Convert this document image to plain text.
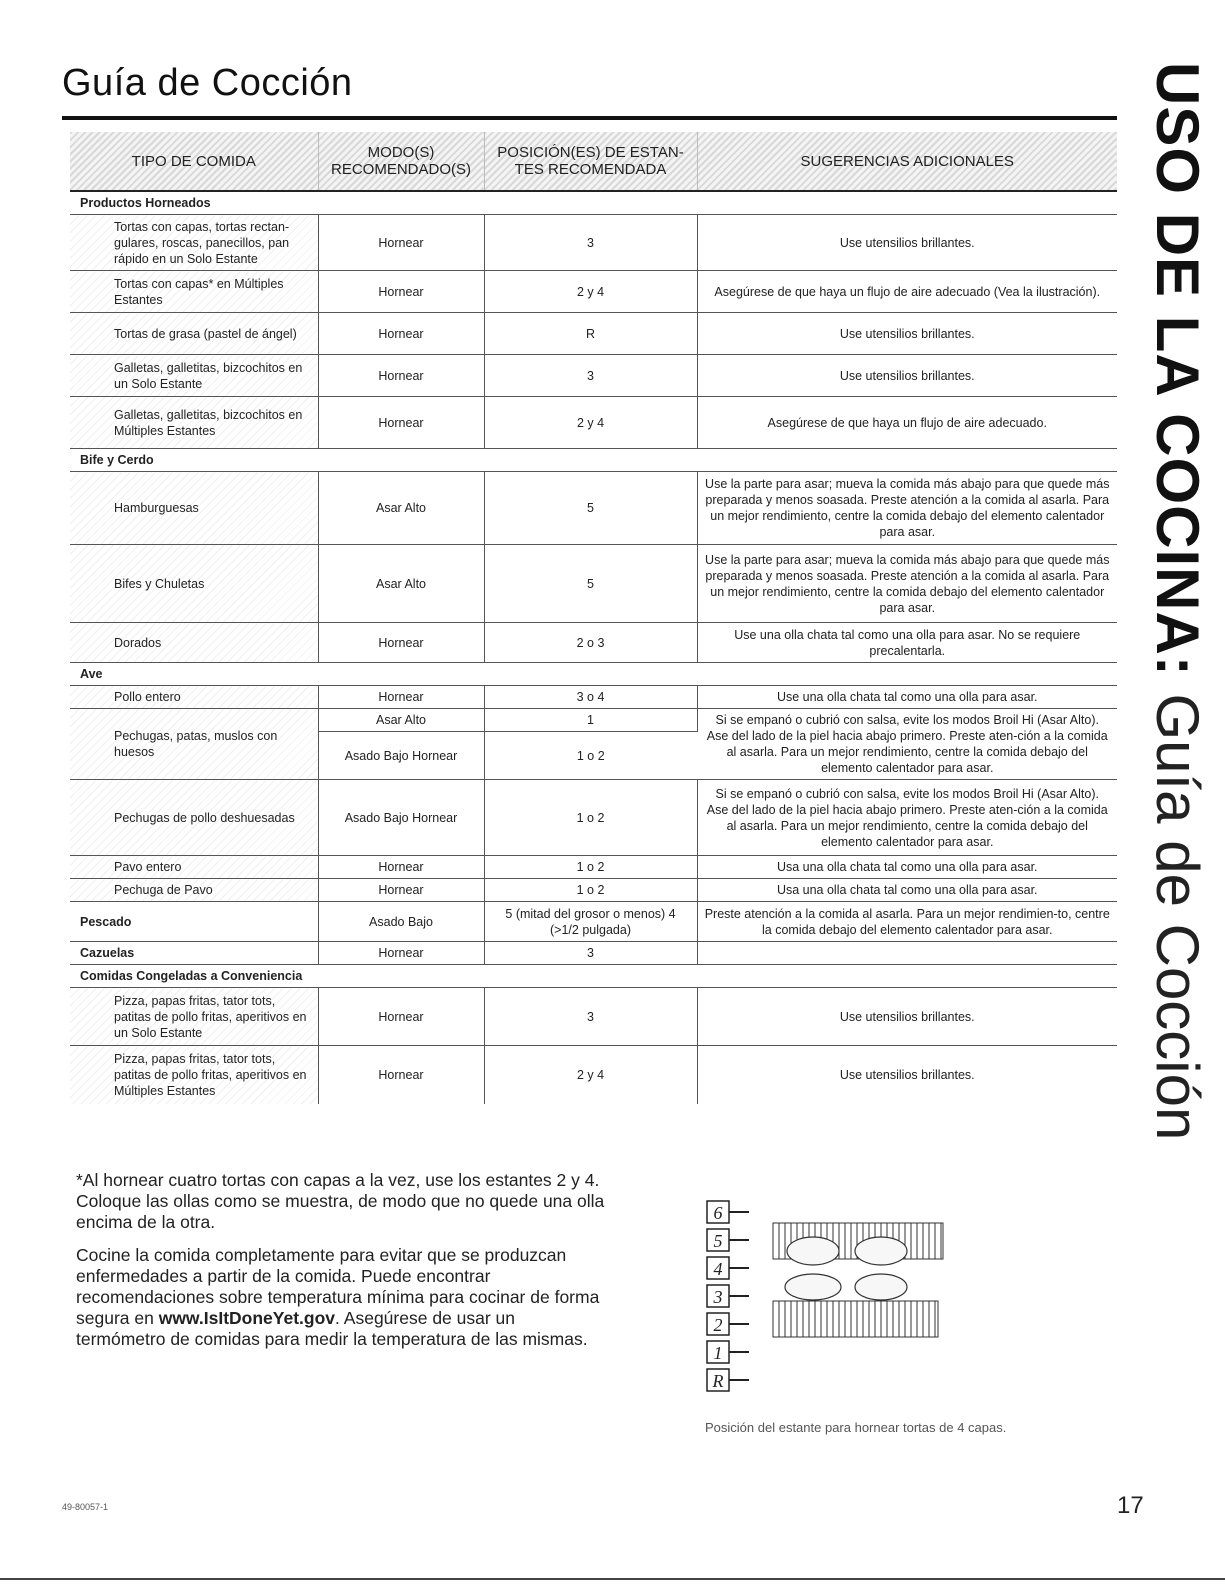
Guía de Cocción	USO DE LA COCINA: Guía de Cocción
TIPO DE COMIDA	MODO(S) RECOMENDADO(S)	POSICIÓN(ES) DE ESTAN-TES RECOMENDADA	SUGERENCIAS ADICIONALES
Productos Horneados			
Tortas con capas, tortas rectan-gulares, roscas, panecillos, pan rápido en un Solo Estante	Hornear	3	Use utensilios brillantes.
Tortas con capas* en Múltiples Estantes	Hornear	2 y 4	Asegúrese de que haya un flujo de aire adecuado (Vea la ilustración).
Tortas de grasa (pastel de ángel)	Hornear	R	Use utensilios brillantes.
Galletas, galletitas, bizcochitos en un Solo Estante	Hornear	3	Use utensilios brillantes.
Galletas, galletitas, bizcochitos en Múltiples Estantes	Hornear	2 y 4	Asegúrese de que haya un flujo de aire adecuado.
Bife y Cerdo			
Hamburguesas	Asar Alto	5	Use la parte para asar; mueva la comida más abajo para que quede más preparada y menos soasada. Preste atención a la comida al asarla. Para un mejor rendimiento, centre la comida debajo del elemento calentador para asar.
Bifes y Chuletas	Asar Alto	5	Use la parte para asar; mueva la comida más abajo para que quede más preparada y menos soasada. Preste atención a la comida al asarla. Para un mejor rendimiento, centre la comida debajo del elemento calentador para asar.
Dorados	Hornear	2 o 3	Use una olla chata tal como una olla para asar. No se requiere precalentarla.
Ave			
Pollo entero	Hornear	3 o 4	Use una olla chata tal como una olla para asar.
Pechugas, patas, muslos con huesos	Asar Alto	1	Si se empanó o cubrió con salsa, evite los modos Broil Hi (Asar Alto). Ase del lado de la piel hacia abajo primero. Preste aten-ción a la comida al asarla. Para un mejor rendimiento, centre la comida debajo del elemento calentador para asar.
	Asado Bajo Hornear	1 o 2	
Pechugas de pollo deshuesadas	Asado Bajo Hornear	1 o 2	Si se empanó o cubrió con salsa, evite los modos Broil Hi (Asar Alto). Ase del lado de la piel hacia abajo primero. Preste aten-ción a la comida al asarla. Para un mejor rendimiento, centre la comida debajo del elemento calentador para asar.
Pavo entero	Hornear	1 o 2	Usa una olla chata tal como una olla para asar.
Pechuga de Pavo	Hornear	1 o 2	Usa una olla chata tal como una olla para asar.
Pescado	Asado Bajo	5 (mitad del grosor o menos) 4 (>1/2 pulgada)	Preste atención a la comida al asarla. Para un mejor rendimien-to, centre la comida debajo del elemento calentador para asar.
Cazuelas	Hornear	3	
Comidas Congeladas a Conveniencia			
Pizza, papas fritas, tator tots, patitas de pollo fritas, aperitivos en un Solo Estante	Hornear	3	Use utensilios brillantes.
Pizza, papas fritas, tator tots, patitas de pollo fritas, aperitivos en Múltiples Estantes	Hornear	2 y 4	Use utensilios brillantes.

*Al hornear cuatro tortas con capas a la vez, use los estantes 2 y 4. Coloque las ollas como se muestra, de modo que no quede una olla encima de la otra.

Cocine la comida completamente para evitar que se produzcan enfermedades a partir de la comida. Puede encontrar recomendaciones sobre temperatura mínima para cocinar de forma segura en www.IsItDoneYet.gov. Asegúrese de usar un termómetro de comidas para medir la temperatura de las mismas.

6
5
4
3
2
1
R
Posición del estante para hornear tortas de 4 capas.
49-80057-1	17
